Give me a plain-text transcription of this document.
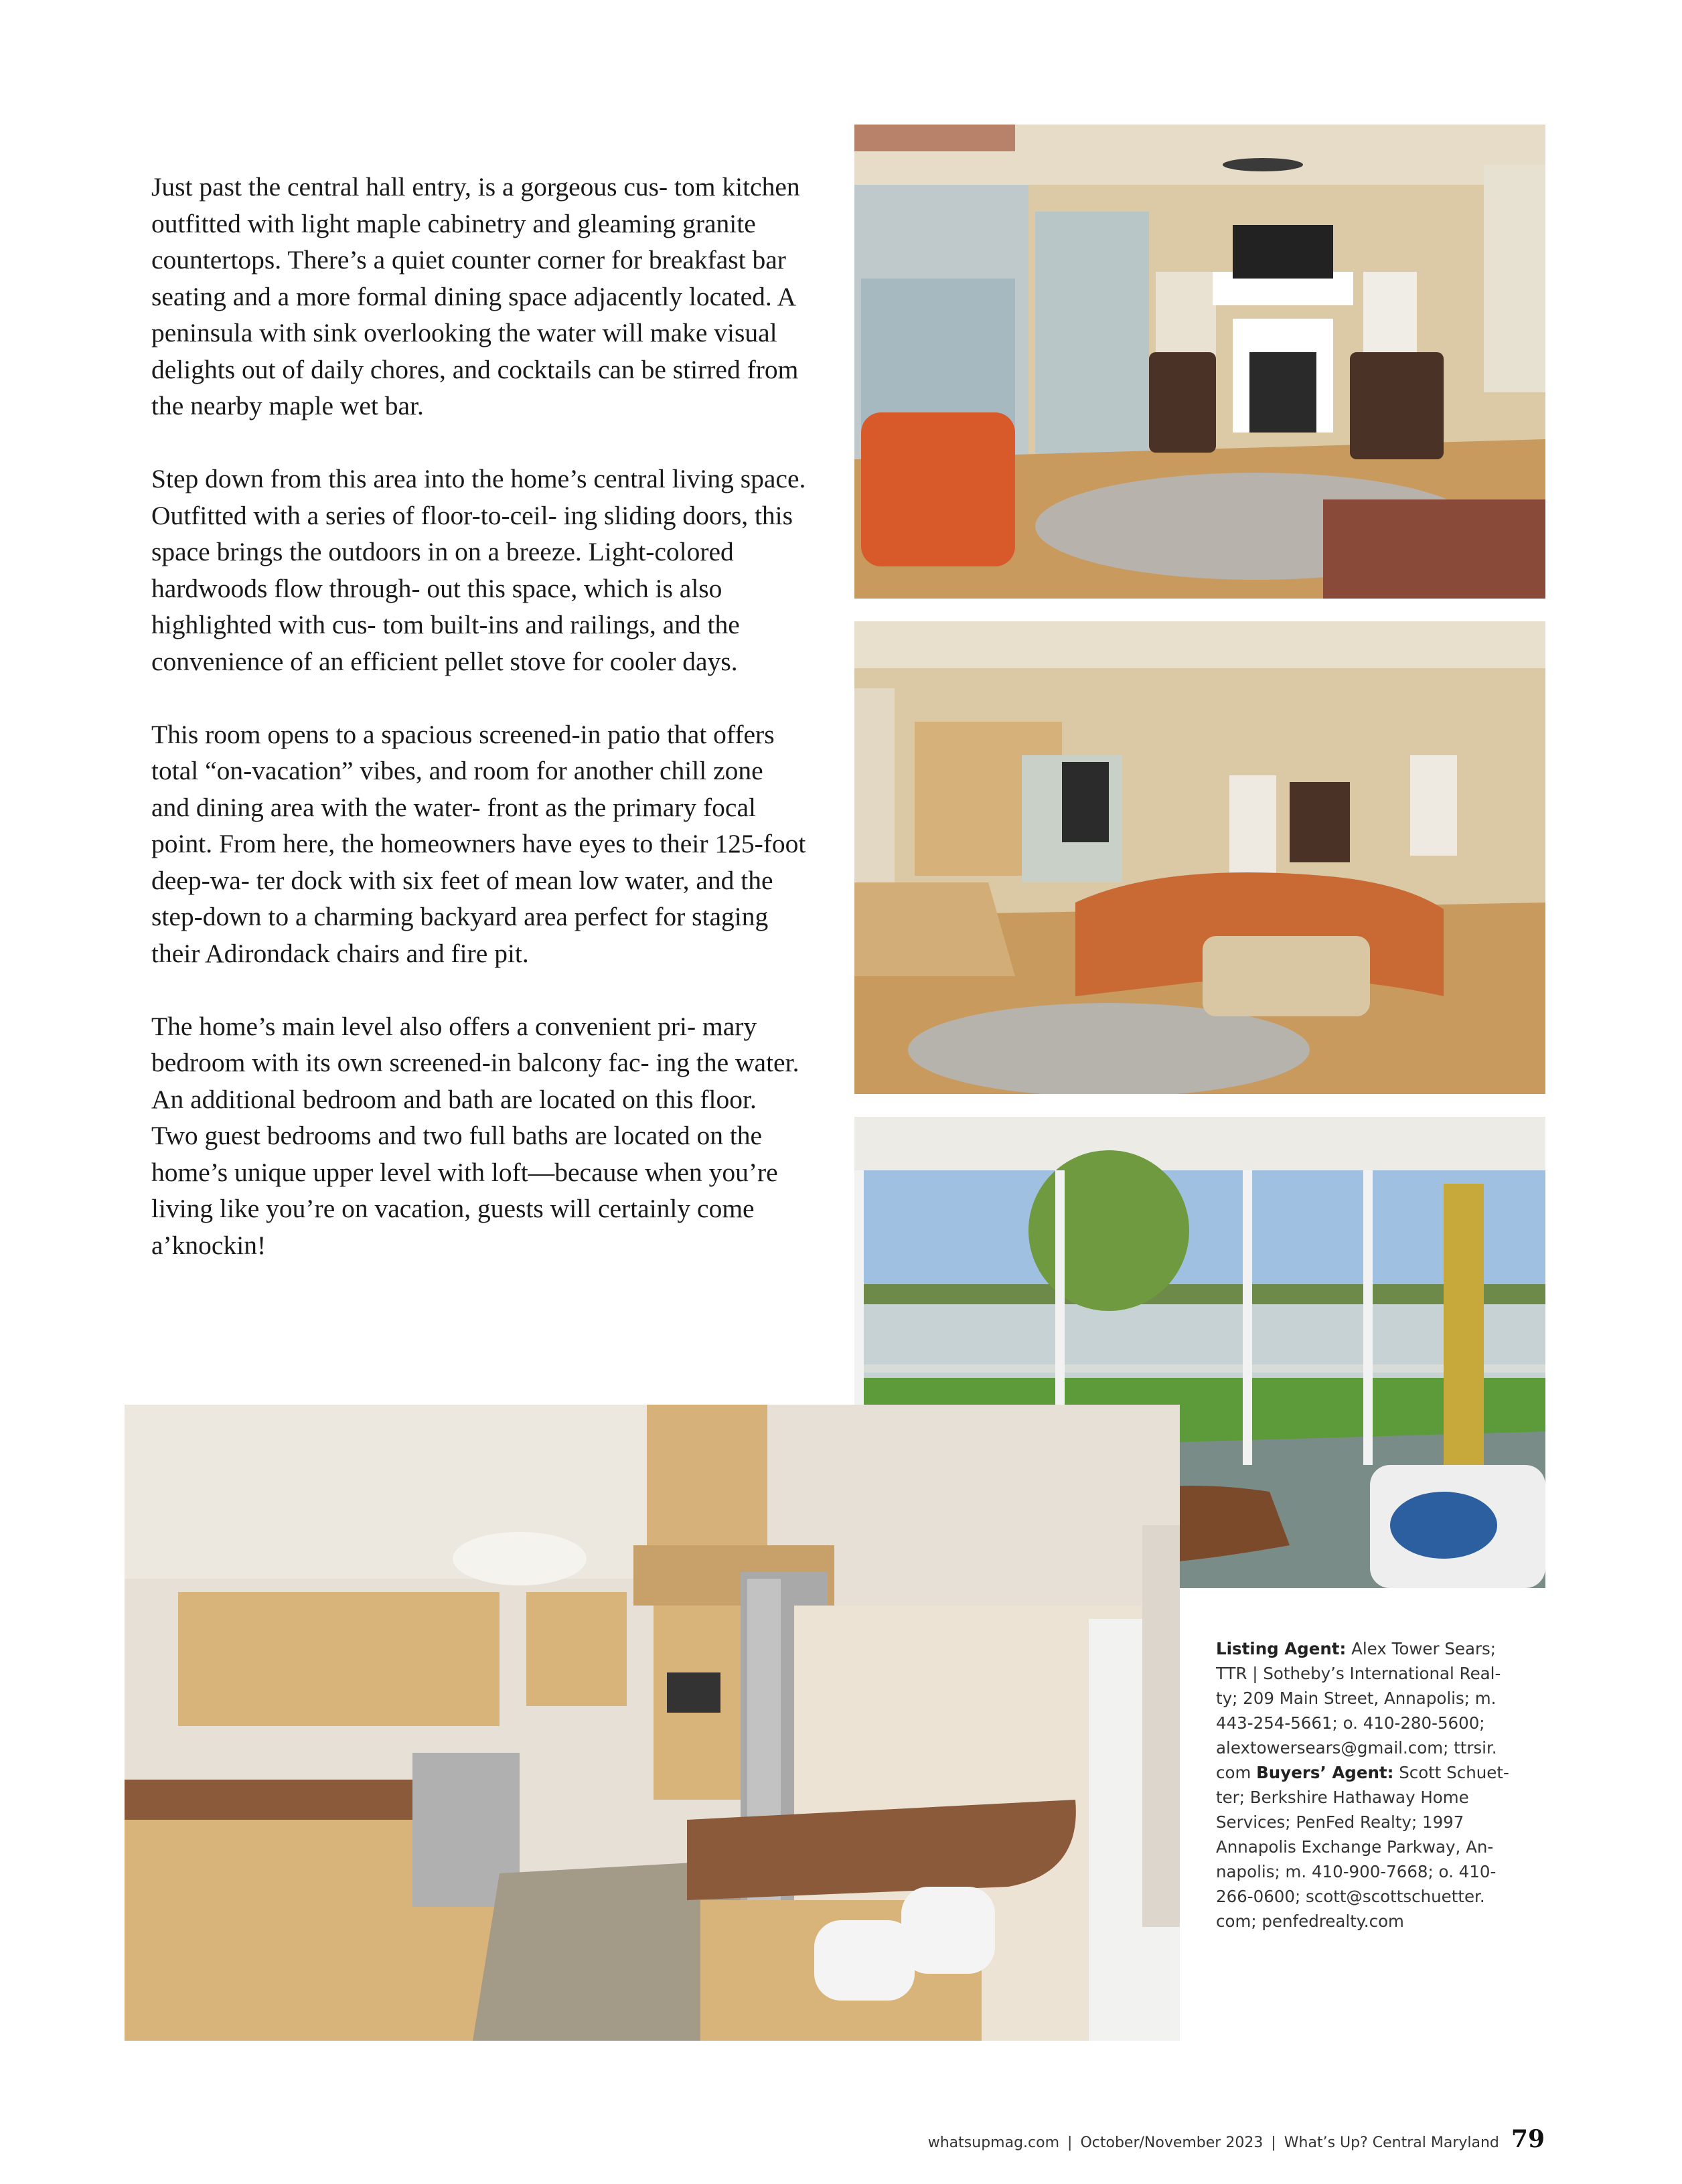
Just past the central hall entry, is a gorgeous cus- tom kitchen outfitted with light maple cabinetry and gleaming granite countertops. There’s a quiet counter corner for breakfast bar seating and a more formal dining space adjacently located. A peninsula with sink overlooking the water will make visual delights out of daily chores, and cocktails can be stirred from the nearby maple wet bar.

Step down from this area into the home’s central living space. Outfitted with a series of floor-to-ceil- ing sliding doors, this space brings the outdoors in on a breeze. Light-colored hardwoods flow through- out this space, which is also highlighted with cus- tom built-ins and railings, and the convenience of an efficient pellet stove for cooler days.

This room opens to a spacious screened-in patio that offers total “on-vacation” vibes, and room for another chill zone and dining area with the water- front as the primary focal point. From here, the homeowners have eyes to their 125-foot deep-wa- ter dock with six feet of mean low water, and the step-down to a charming backyard area perfect for staging their Adirondack chairs and fire pit.

The home’s main level also offers a convenient pri- mary bedroom with its own screened-in balcony fac- ing the water. An additional bedroom and bath are located on this floor. Two guest bedrooms and two full baths are located on the home’s unique upper level with loft—because when you’re living like you’re on vacation, guests will certainly come a’knockin!

Listing Agent: Alex Tower Sears; TTR | Sotheby’s International Real- ty; 209 Main Street, Annapolis; m. 443-254-5661; o. 410-280-5600; alextowersears@gmail.com; ttrsir. com Buyers’ Agent: Scott Schuet- ter; Berkshire Hathaway Home Services; PenFed Realty; 1997 Annapolis Exchange Parkway, An- napolis; m. 410-900-7668; o. 410- 266-0600; scott@scottschuetter. com; penfedrealty.com

whatsupmag.com | October/November 2023 | What’s Up? Central Maryland 79
